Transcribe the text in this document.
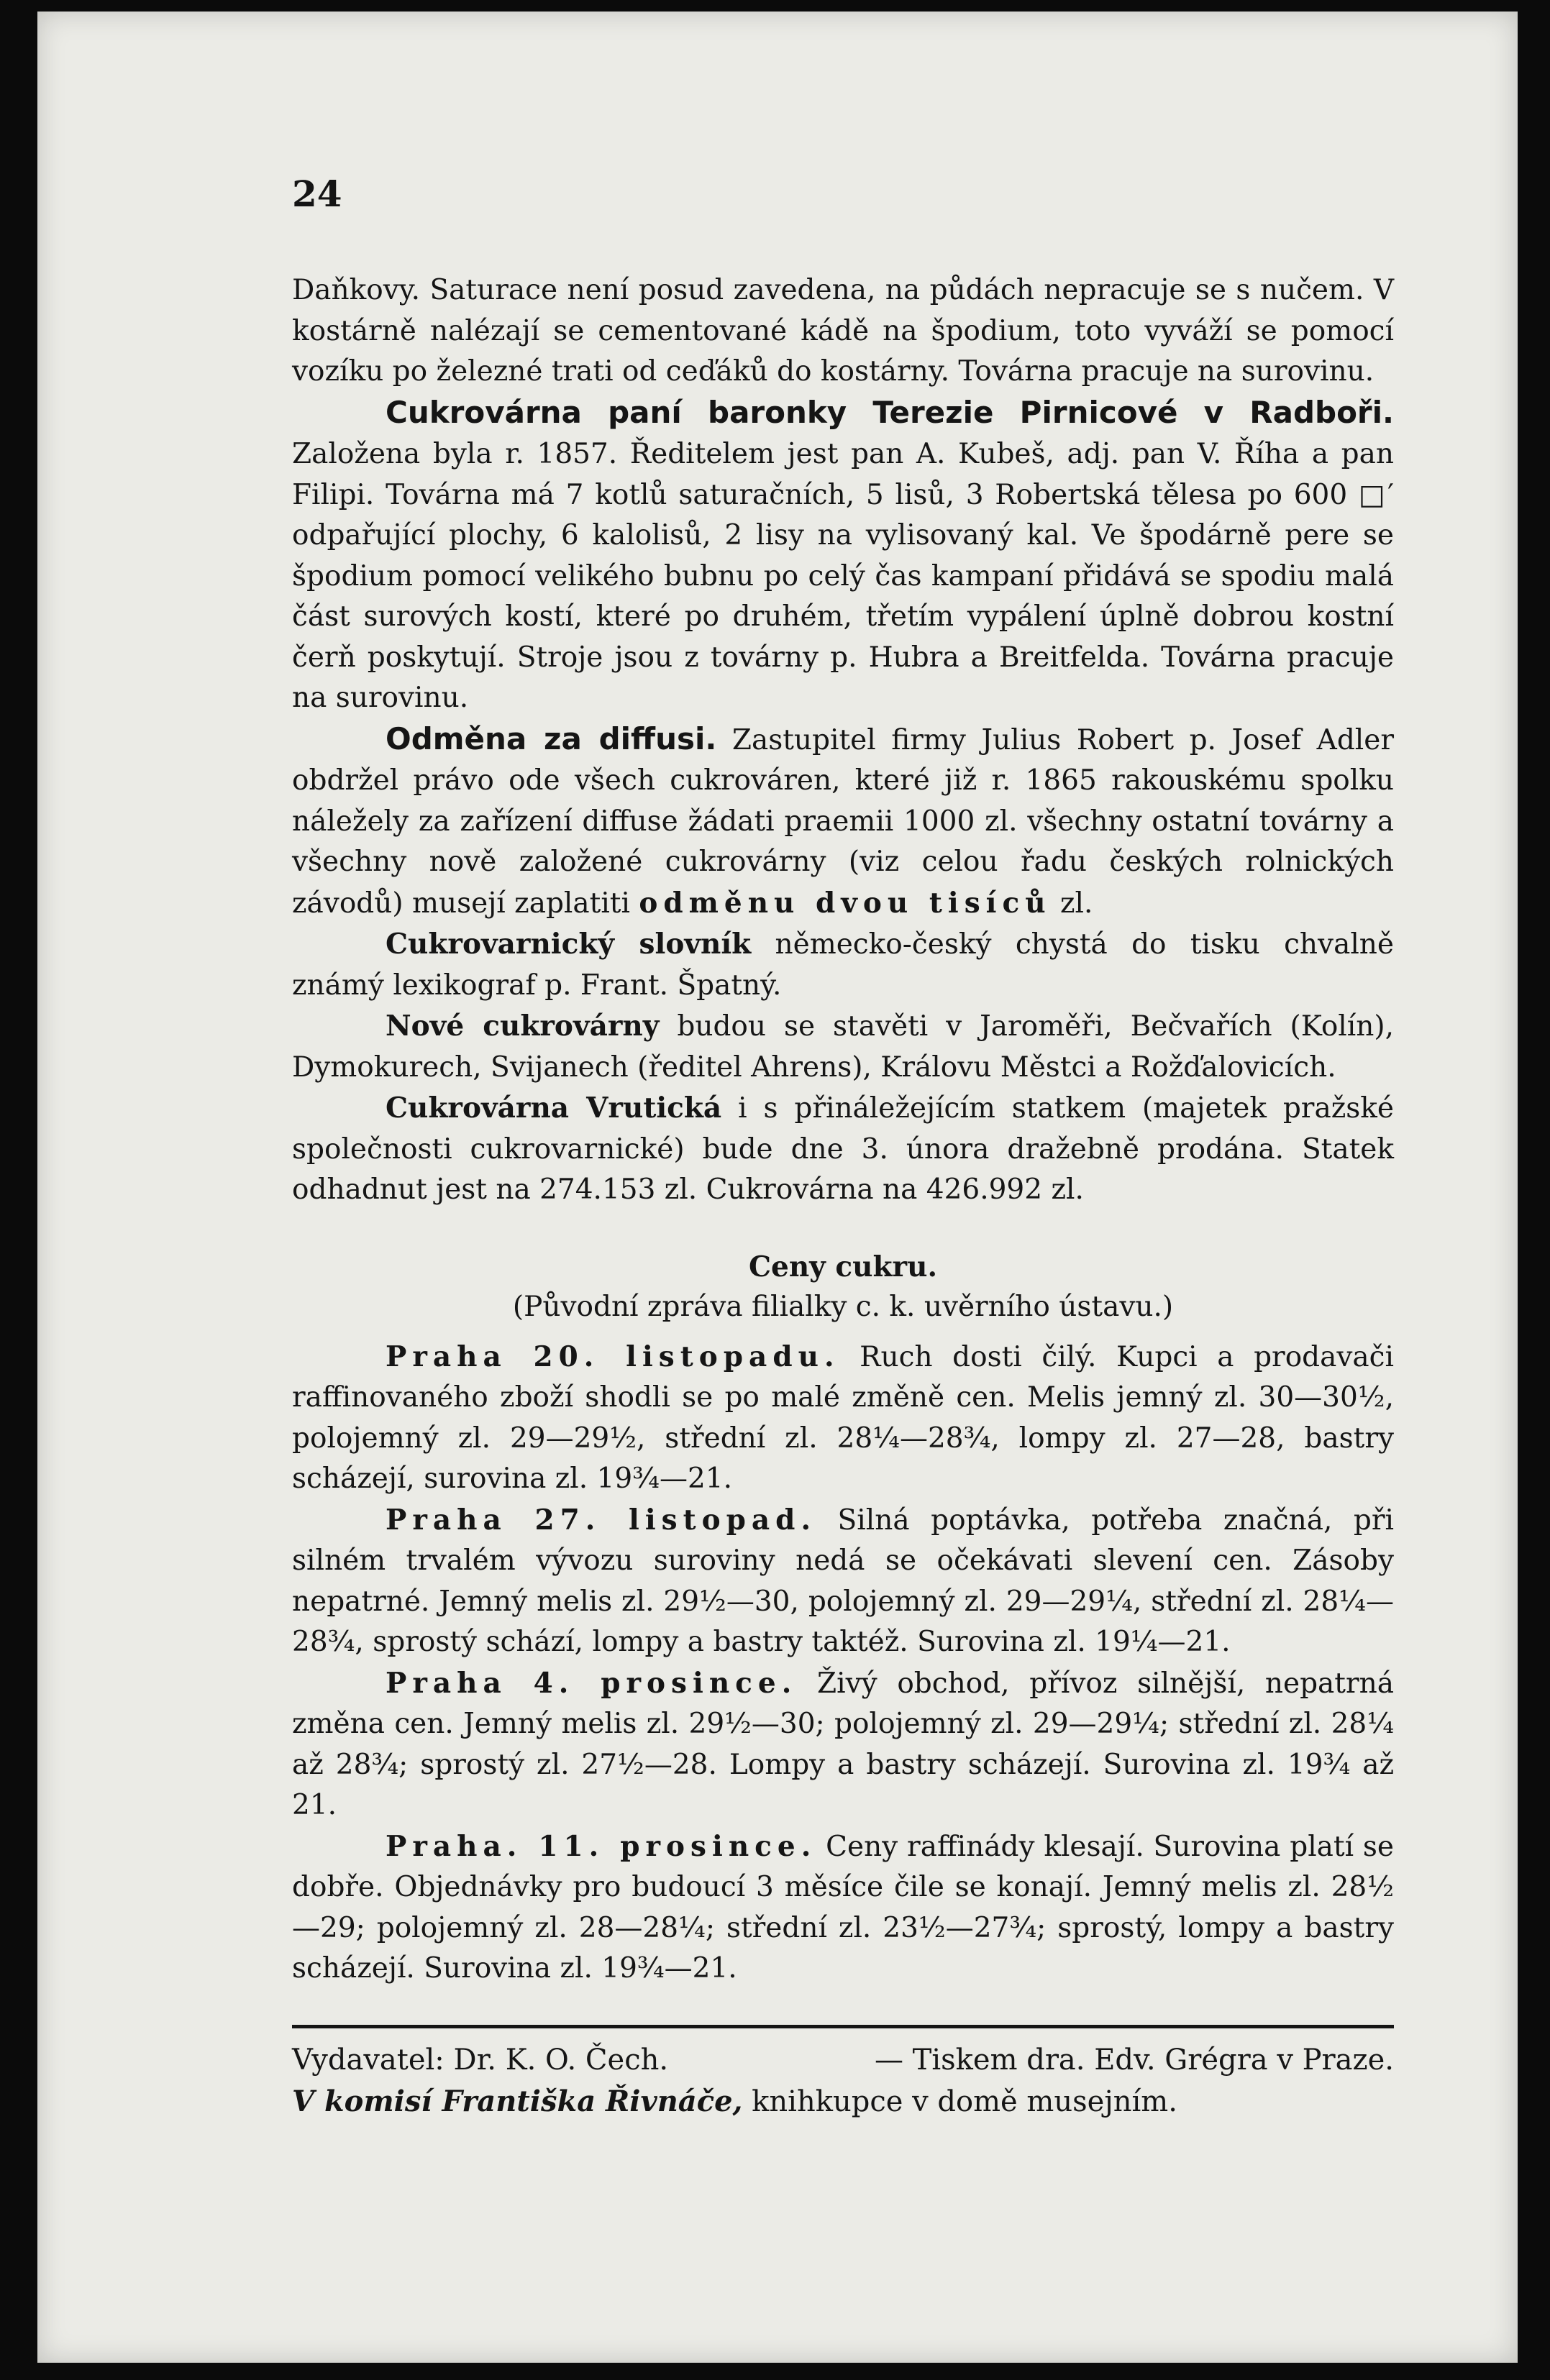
24

Daňkovy. Saturace není posud zavedena, na půdách nepracuje se s nučem. V kostárně nalézají se cementované kádě na špodium, toto vyváží se pomocí vozíku po železné trati od ceďáků do kostárny. Továrna pracuje na surovinu.

Cukrovárna paní baronky Terezie Pirnicové v Radboři. Založena byla r. 1857. Ředitelem jest pan A. Kubeš, adj. pan V. Říha a pan Filipi. Továrna má 7 kotlů saturačních, 5 lisů, 3 Robertská tělesa po 600 □′ odpařující plochy, 6 kalolisů, 2 lisy na vylisovaný kal. Ve špodárně pere se špodium pomocí velikého bubnu po celý čas kampaní přidává se spodiu malá část surových kostí, které po druhém, třetím vypálení úplně dobrou kostní čerň poskytují. Stroje jsou z továrny p. Hubra a Breitfelda. Továrna pracuje na surovinu.

Odměna za diffusi. Zastupitel firmy Julius Robert p. Josef Adler obdržel právo ode všech cukrováren, které již r. 1865 rakouskému spolku náležely za zařízení diffuse žádati praemii 1000 zl. všechny ostatní továrny a všechny nově založené cukrovárny (viz celou řadu českých rolnických závodů) musejí zaplatiti odměnu dvou tisíců zl.

Cukrovarnický slovník německo-český chystá do tisku chvalně známý lexikograf p. Frant. Špatný.

Nové cukrovárny budou se stavěti v Jaroměři, Bečvařích (Kolín), Dymokurech, Svijanech (ředitel Ahrens), Královu Městci a Rožďalovicích.

Cukrovárna Vrutická i s přináležejícím statkem (majetek pražské společnosti cukrovarnické) bude dne 3. února dražebně prodána. Statek odhadnut jest na 274.153 zl. Cukrovárna na 426.992 zl.

Ceny cukru.

(Původní zpráva filialky c. k. uvěrního ústavu.)

Praha 20. listopadu. Ruch dosti čilý. Kupci a prodavači raffinovaného zboží shodli se po malé změně cen. Melis jemný zl. 30—30½, polojemný zl. 29—29½, střední zl. 28¼—28¾, lompy zl. 27—28, bastry scházejí, surovina zl. 19¾—21.

Praha 27. listopad. Silná poptávka, potřeba značná, při silném trvalém vývozu suroviny nedá se očekávati slevení cen. Zásoby nepatrné. Jemný melis zl. 29½—30, polojemný zl. 29—29¼, střední zl. 28¼—28¾, sprostý schází, lompy a bastry taktéž. Surovina zl. 19¼—21.

Praha 4. prosince. Živý obchod, přívoz silnější, nepatrná změna cen. Jemný melis zl. 29½—30; polojemný zl. 29—29¼; střední zl. 28¼ až 28¾; sprostý zl. 27½—28. Lompy a bastry scházejí. Surovina zl. 19¾ až 21.

Praha. 11. prosince. Ceny raffinády klesají. Surovina platí se dobře. Objednávky pro budoucí 3 měsíce čile se konají. Jemný melis zl. 28½—29; polojemný zl. 28—28¼; střední zl. 23½—27¾; sprostý, lompy a bastry scházejí. Surovina zl. 19¾—21.

Vydavatel: Dr. K. O. Čech.	— Tiskem dra. Edv. Grégra v Praze.
V komisí Františka Řivnáče, knihkupce v domě musejním.
